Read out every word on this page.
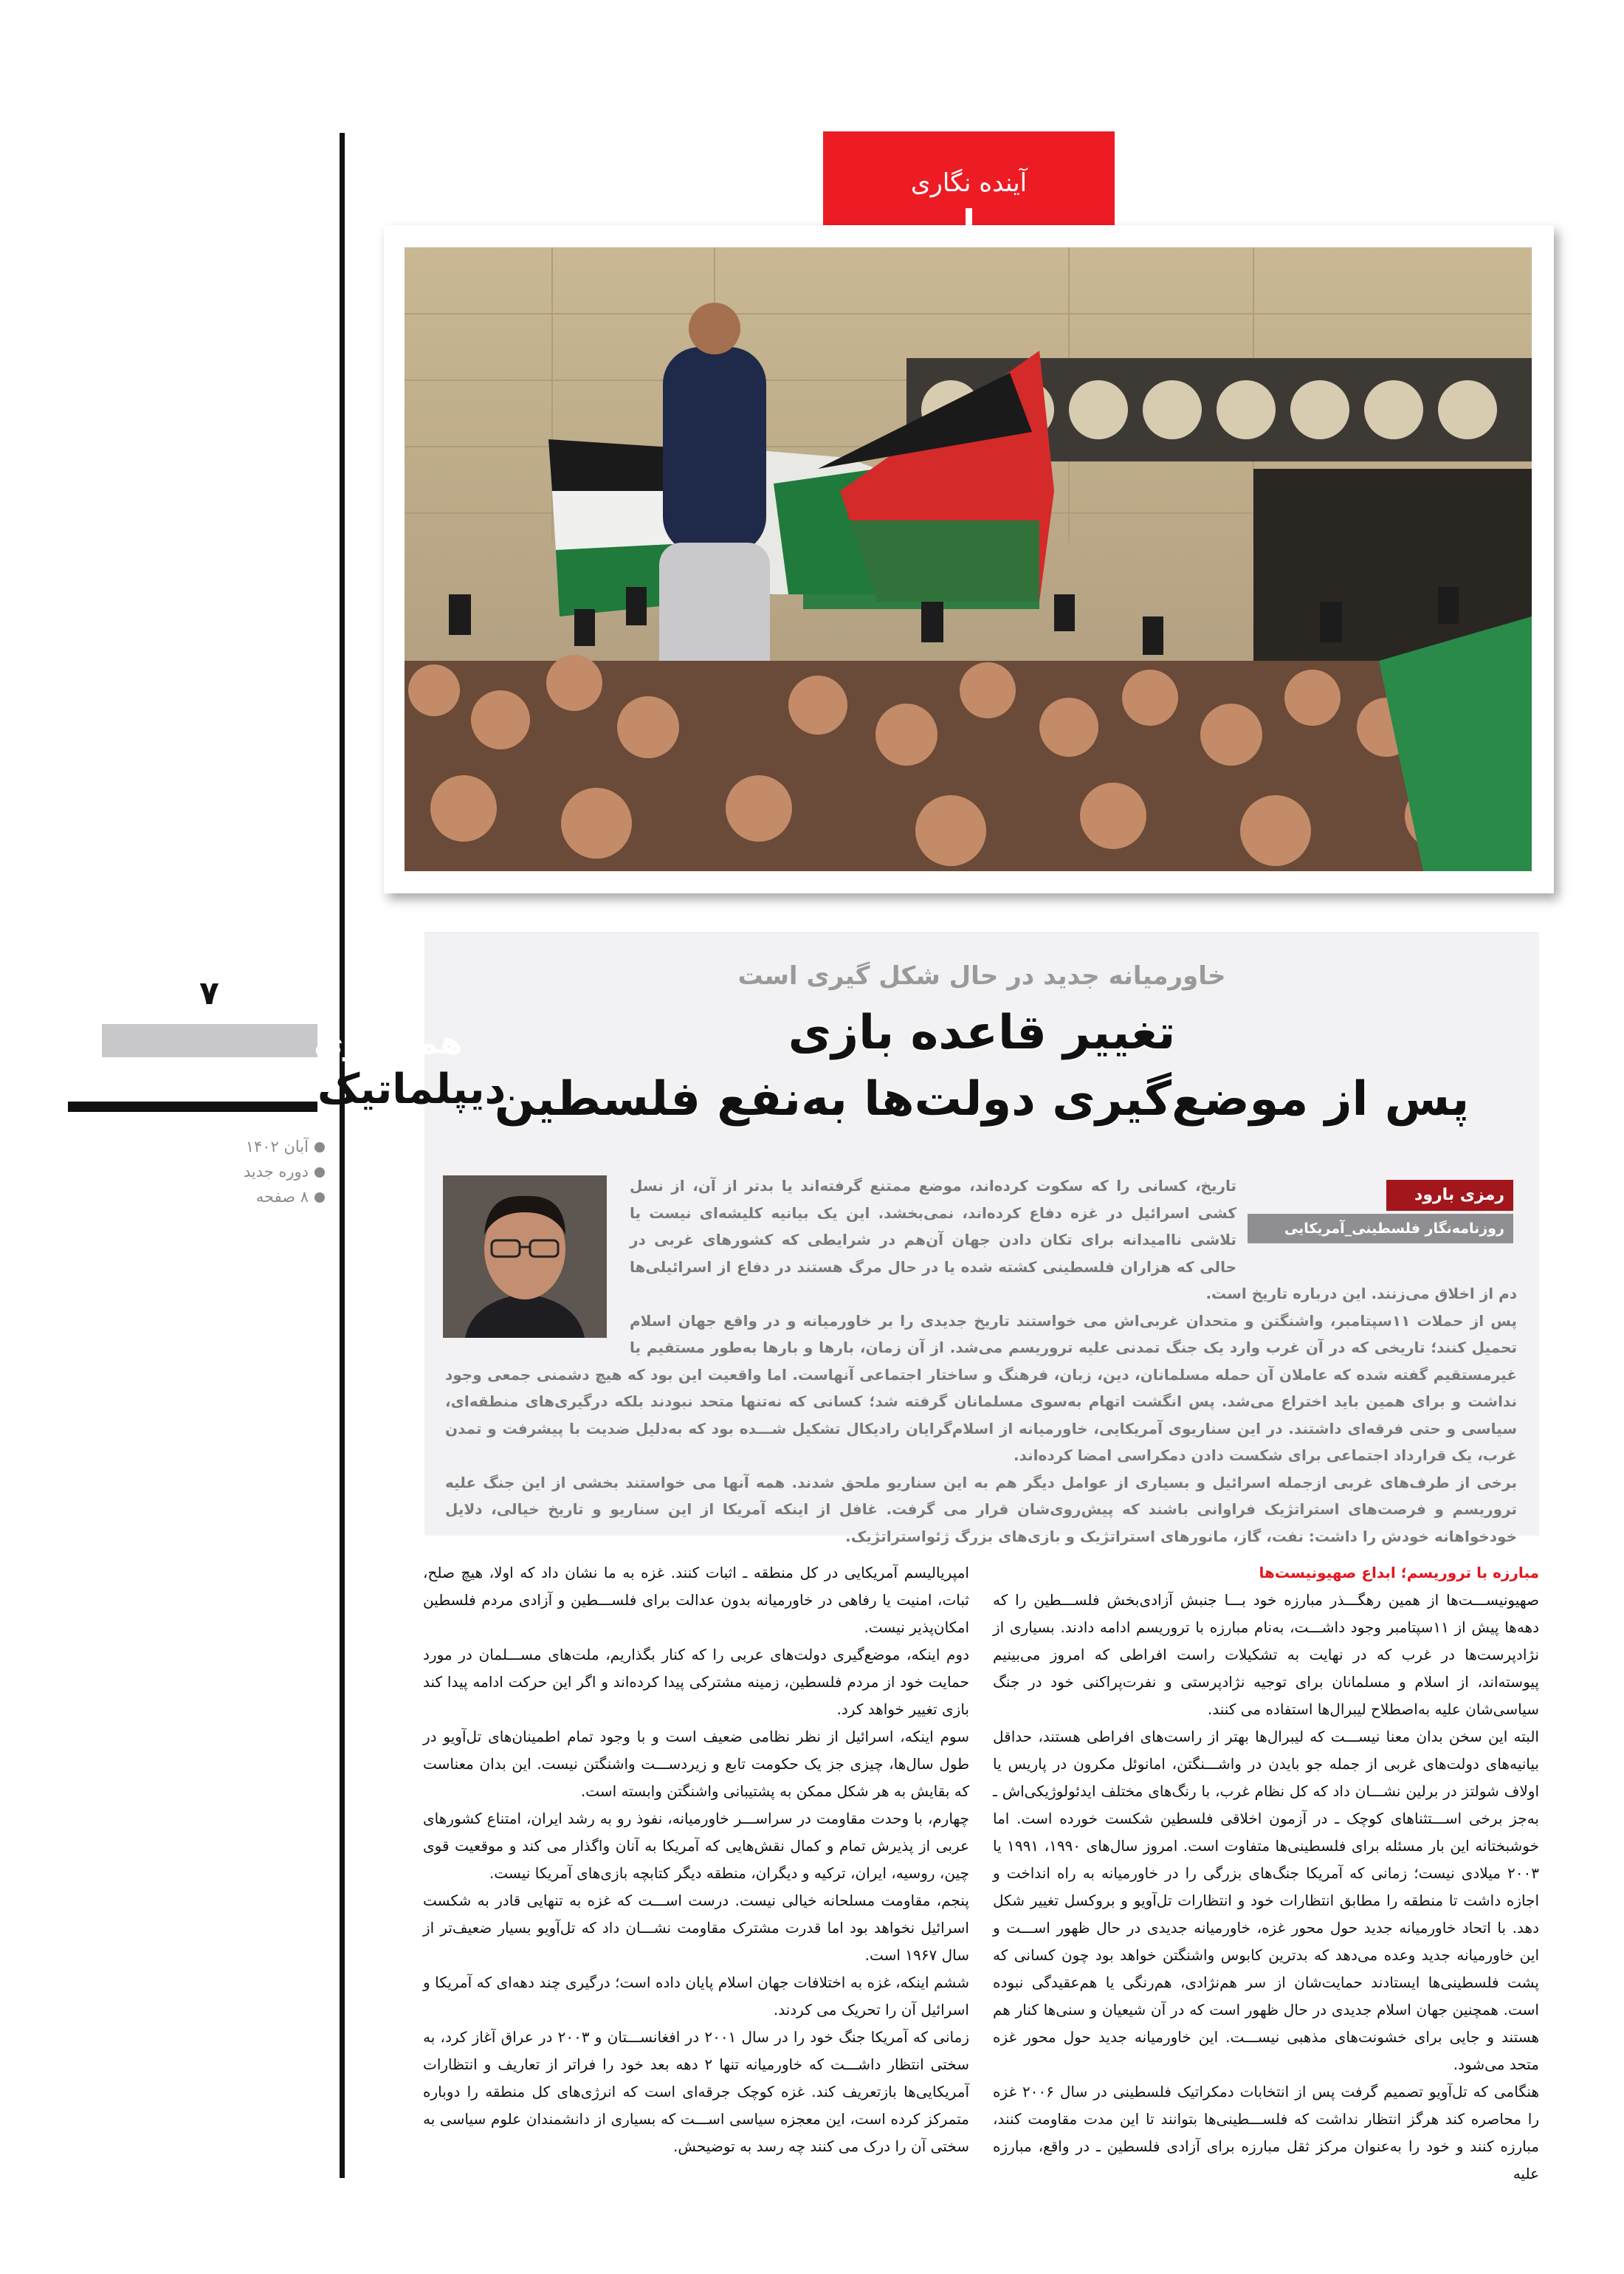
آینده نگاری
خاورمیانه جدید در حال شکل گیری است
تغییر قاعده بازی
پس از موضع‌گیری دولت‌ها به‌نفع فلسطین

تاریخ، کسانی را که سکوت کرده‌اند، موضع ممتنع گرفته‌اند یا بدتر از آن، از نسل کشی اسرائیل در غزه دفاع کرده‌اند، نمی‌بخشد. این یک بیانیه کلیشه‌ای نیست یا تلاشی ناامیدانه برای تکان دادن جهان آن‌هم در شرایطی که کشورهای غربی در حالی که هزاران فلسطینی کشته شده یا در حال مرگ هستند در دفاع از اسرائیلی‌ها دم از اخلاق می‌زنند. این درباره تاریخ است.

پس از حملات ۱۱سپتامبر، واشنگتن و متحدان غربی‌اش می خواستند تاریخ جدیدی را بر خاورمیانه و در واقع جهان اسلام تحمیل کنند؛ تاریخی که در آن غرب وارد یک جنگ تمدنی علیه تروریسم می‌شد. از آن زمان، بارها و بارها به‌طور مستقیم یا غیرمستقیم گفته شده که عاملان آن حمله مسلمانان، دین، زبان، فرهنگ و ساختار اجتماعی آنهاست. اما واقعیت این بود که هیچ دشمنی جمعی وجود نداشت و برای همین باید اختراع می‌شد. پس انگشت اتهام به‌سوی مسلمانان گرفته شد؛ کسانی که نه‌تنها متحد نبودند بلکه درگیری‌های منطقه‌ای، سیاسی و حتی فرقه‌ای داشتند. در این سناریوی آمریکایی، خاورمیانه از اسلام‌گرایان رادیکال تشکیل شـــده بود که به‌دلیل ضدیت با پیشرفت و تمدن غرب، یک قرارداد اجتماعی برای شکست دادن دمکراسی امضا کرده‌اند.

برخی از طرف‌های غربی ازجمله اسرائیل و بسیاری از عوامل دیگر هم به این سناریو ملحق شدند. همه آنها می خواستند بخشی از این جنگ علیه تروریسم و فرصت‌های استراتژیک فراوانی باشند که پیش‌روی‌شان قرار می گرفت. غافل از اینکه آمریکا از این سناریو و تاریخ خیالی، دلایل خودخواهانه خودش را داشت: نفت، گاز، مانورهای استراتژیک و بازی‌های بزرگ ژئواستراتژیک.

رمزی بارود
روزنامه‌نگار فلسطینی_آمریکایی

مبارزه با تروریسم؛ ابداع صهیونیست‌ها

صهیونیســـت‌ها از همین رهگـــذر مبارزه خود بـــا جنبش آزادی‌بخش فلســـطین را که دهه‌ها پیش از ۱۱سپتامبر وجود داشـــت، به‌نام مبارزه با تروریسم ادامه دادند. بسیاری از نژادپرست‌ها در غرب که در نهایت به تشکیلات راست افراطی که امروز می‌بینیم پیوسته‌اند، از اسلام و مسلمانان برای توجیه نژادپرستی و نفرت‌پراکنی خود در جنگ سیاسی‌شان علیه به‌اصطلاح لیبرال‌ها استفاده می کنند.

البته این سخن بدان معنا نیســـت که لیبرال‌ها بهتر از راست‌های افراطی هستند، حداقل بیانیه‌های دولت‌های غربی از جمله جو بایدن در واشـــنگتن، امانوئل مکرون در پاریس یا اولاف شولتز در برلین نشـــان داد که کل نظام غرب، با رنگ‌های مختلف ایدئولوژیکی‌اش ـ به‌جز برخی اســـتثناهای کوچک ـ در آزمون اخلاقی فلسطین شکست خورده است. اما خوشبختانه این بار مسئله برای فلسطینی‌ها متفاوت است. امروز سال‌های ۱۹۹۰، ۱۹۹۱ یا ۲۰۰۳ میلادی نیست؛ زمانی که آمریکا جنگ‌های بزرگی را در خاورمیانه به راه انداخت و اجازه داشت تا منطقه را مطابق انتظارات خود و انتظارات تل‌آویو و بروکسل تغییر شکل دهد. با اتحاد خاورمیانه جدید حول محور غزه، خاورمیانه جدیدی در حال ظهور اســـت و این خاورمیانه جدید وعده می‌دهد که بدترین کابوس واشنگتن خواهد بود چون کسانی که پشت فلسطینی‌ها ایستادند حمایت‌شان از سر هم‌نژادی، هم‌رنگی یا هم‌عقیدگی نبوده است. همچنین جهان اسلام جدیدی در حال ظهور است که در آن شیعیان و سنی‌ها کنار هم هستند و جایی برای خشونت‌های مذهبی نیســـت. این خاورمیانه جدید حول محور غزه متحد می‌شود.

هنگامی که تل‌آویو تصمیم گرفت پس از انتخابات دمکراتیک فلسطینی در سال ۲۰۰۶ غزه را محاصره کند هرگز انتظار نداشت که فلســـطینی‌ها بتوانند تا این مدت مقاومت کنند، مبارزه کنند و خود را به‌عنوان مرکز ثقل مبارزه برای آزادی فلسطین ـ در واقع، مبارزه علیه

امپریالیسم آمریکایی در کل منطقه ـ اثبات کنند. غزه به ما نشان داد که اولا، هیچ صلح، ثبات، امنیت یا رفاهی در خاورمیانه بدون عدالت برای فلســـطین و آزادی مردم فلسطین امکان‌پذیر نیست.

دوم اینکه، موضع‌گیری دولت‌های عربی را که کنار بگذاریم، ملت‌های مســـلمان در مورد حمایت خود از مردم فلسطین، زمینه مشترکی پیدا کرده‌اند و اگر این حرکت ادامه پیدا کند بازی تغییر خواهد کرد.

سوم اینکه، اسرائیل از نظر نظامی ضعیف است و با وجود تمام اطمینان‌های تل‌آویو در طول سال‌ها، چیزی جز یک حکومت تابع و زیردســـت واشنگتن نیست. این بدان معناست که بقایش به هر شکل ممکن به پشتیبانی واشنگتن وابسته است.

چهارم، با وحدت مقاومت در سراســـر خاورمیانه، نفوذ رو به رشد ایران، امتناع کشورهای عربی از پذیرش تمام و کمال نقش‌هایی که آمریکا به آنان واگذار می کند و موقعیت قوی چین، روسیه، ایران، ترکیه و دیگران، منطقه دیگر کتابچه بازی‌های آمریکا نیست.

پنجم، مقاومت مسلحانه خیالی نیست. درست اســـت که غزه به تنهایی قادر به شکست اسرائیل نخواهد بود اما قدرت مشترک مقاومت نشـــان داد که تل‌آویو بسیار ضعیف‌تر از سال ۱۹۶۷ است.

ششم اینکه، غزه به اختلافات جهان اسلام پایان داده است؛ درگیری چند دهه‌ای که آمریکا و اسرائیل آن را تحریک می کردند.

زمانی که آمریکا جنگ خود را در سال ۲۰۰۱ در افغانســـتان و ۲۰۰۳ در عراق آغاز کرد، به سختی انتظار داشـــت که خاورمیانه تنها ۲ دهه بعد خود را فراتر از تعاریف و انتظارات آمریکایی‌ها بازتعریف کند. غزه کوچک جرقه‌ای است که انرژی‌های کل منطقه را دوباره متمرکز کرده است، این معجزه سیاسی اســـت که بسیاری از دانشمندان علوم سیاسی به سختی آن را درک می کنند چه رسد به توضیحش.

۷
همشهری
دیپلماتیک
آبان ۱۴۰۲
دوره جدید
۸ صفحه
